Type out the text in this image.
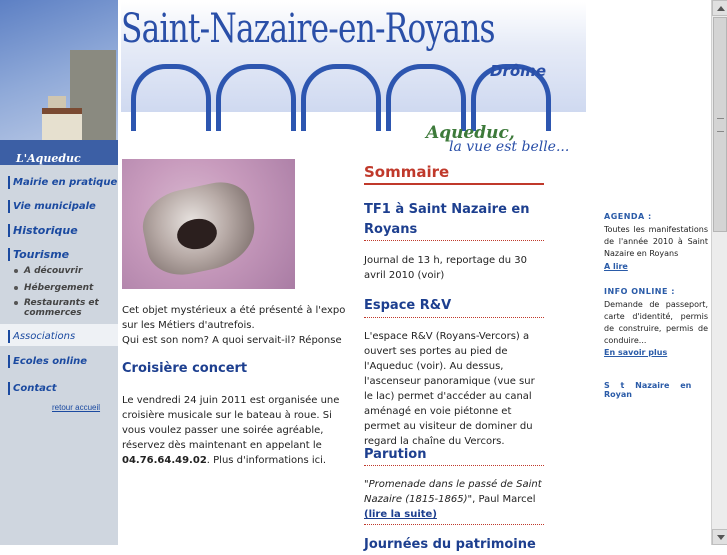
L'Aqueduc
Mairie en pratique
Vie municipale
Historique
Tourisme
A découvrir
Hébergement
Restaurants et commerces
Associations
Ecoles online
Contact
retour accueil
Saint-Nazaire-en-Royans
Drôme
Aqueduc,
la vue est belle...
Cet objet mystérieux a été présenté à l'expo sur les Métiers d'autrefois.
Qui est son nom? A quoi servait-il? Réponse
Croisière concert
Le vendredi 24 juin 2011 est organisée une croisière musicale sur le bateau à roue. Si vous voulez passer une soirée agréable, réservez dès maintenant en appelant le 04.76.64.49.02. Plus d'informations ici.
Sommaire
TF1 à Saint Nazaire en Royans
Journal de 13 h, reportage du 30 avril 2010 (voir)
Espace R&V
L'espace R&V (Royans-Vercors) a ouvert ses portes au pied de l'Aqueduc (voir). Au dessus, l'ascenseur panoramique (vue sur le lac) permet d'accéder au canal aménagé en voie piétonne et permet au visiteur de dominer du regard la chaîne du Vercors.
Parution
"Promenade dans le passé de Saint Nazaire (1815-1865)", Paul Marcel (lire la suite)
Journées du patrimoine
AGENDA :
Toutes les manifestations de l'année 2010 à Saint Nazaire en Royans
A lire
INFO ONLINE :
Demande de passeport, carte d'identité, permis de construire, permis de conduire...
En savoir plus
S t Nazaire en Royan
